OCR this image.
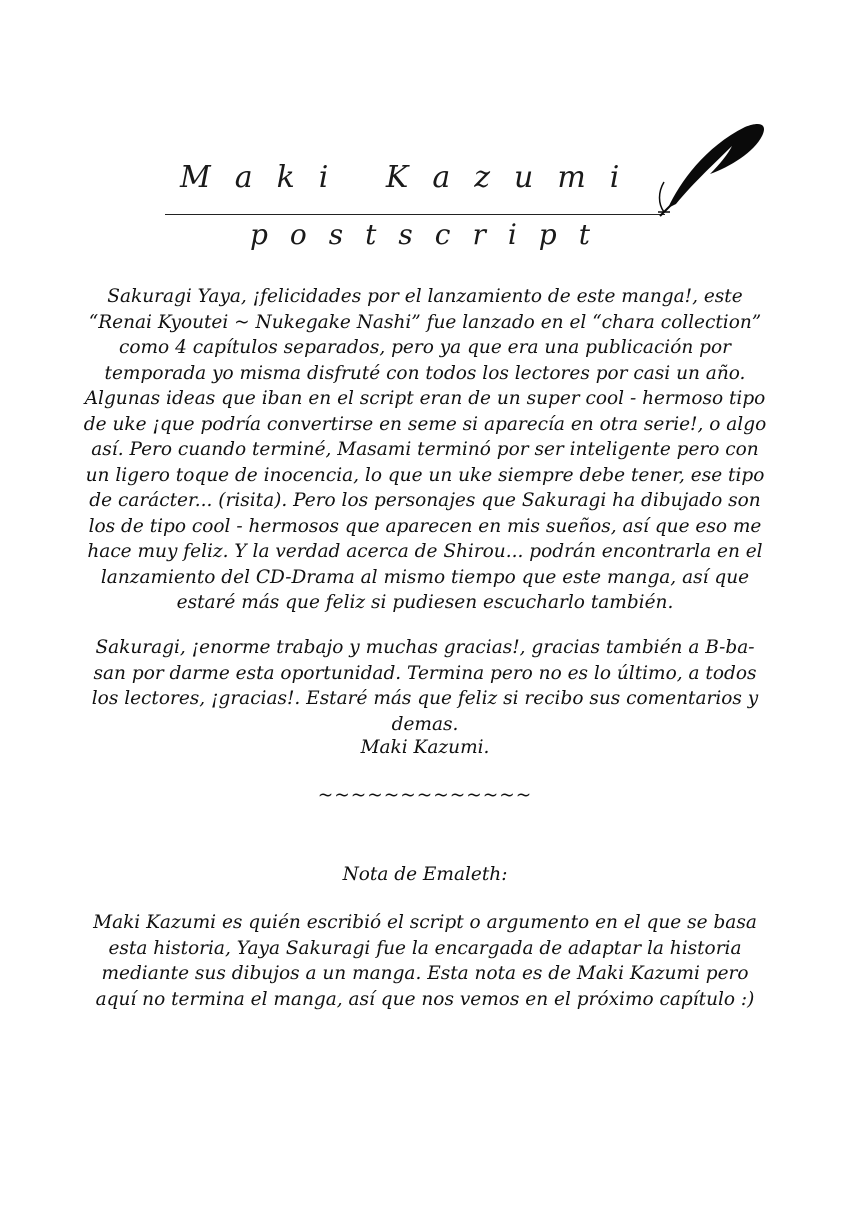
Maki Kazumi
postscript
Sakuragi Yaya, ¡felicidades por el lanzamiento de este manga!, este “Renai Kyoutei ~ Nukegake Nashi” fue lanzado en el “chara collection” como 4 capítulos separados, pero ya que era una publicación por temporada yo misma disfruté con todos los lectores por casi un año. Algunas ideas que iban en el script eran de un super cool - hermoso tipo de uke ¡que podría convertirse en seme si aparecía en otra serie!, o algo así. Pero cuando terminé, Masami terminó por ser inteligente pero con un ligero toque de inocencia, lo que un uke siempre debe tener, ese tipo de carácter... (risita). Pero los personajes que Sakuragi ha dibujado son los de tipo cool - hermosos que aparecen en mis sueños, así que eso me hace muy feliz. Y la verdad acerca de Shirou... podrán encontrarla en el lanzamiento del CD-Drama al mismo tiempo que este manga, así que estaré más que feliz si pudiesen escucharlo también.
Sakuragi, ¡enorme trabajo y muchas gracias!, gracias también a B-ba-san por darme esta oportunidad. Termina pero no es lo último, a todos los lectores, ¡gracias!. Estaré más que feliz si recibo sus comentarios y demas.
Maki Kazumi.
~~~~~~~~~~~~~
Nota de Emaleth:
Maki Kazumi es quién escribió el script o argumento en el que se basa esta historia, Yaya Sakuragi fue la encargada de adaptar la historia mediante sus dibujos a un manga. Esta nota es de Maki Kazumi pero aquí no termina el manga, así que nos vemos en el próximo capítulo :)
